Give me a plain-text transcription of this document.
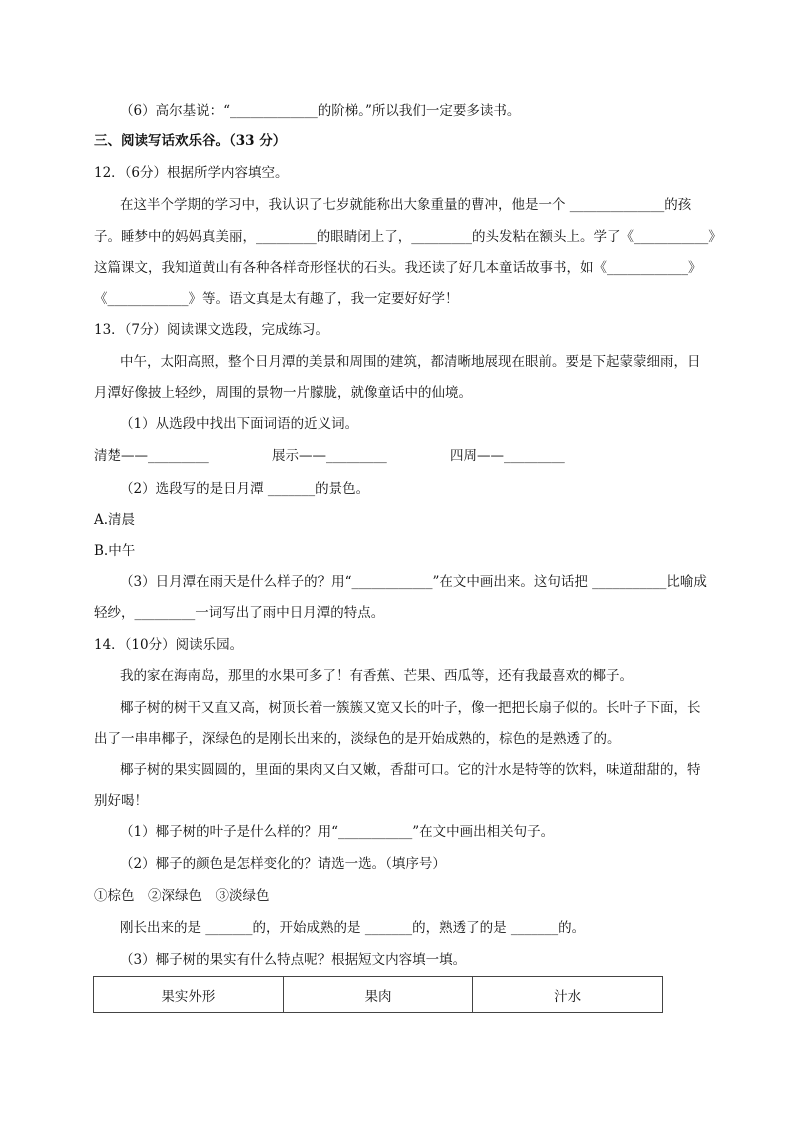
（6）高尔基说：“_____________的阶梯。”所以我们一定要多读书。
三、阅读写话欢乐谷。（33 分）
12．（6分）根据所学内容填空。
在这半个学期的学习中，我认识了七岁就能称出大象重量的曹冲，他是一个 ______________的孩
子。睡梦中的妈妈真美丽，_________的眼睛闭上了，_________的头发粘在额头上。学了《___________》
这篇课文，我知道黄山有各种各样奇形怪状的石头。我还读了好几本童话故事书，如《____________》
《____________》等。语文真是太有趣了，我一定要好好学！
13．（7分）阅读课文选段，完成练习。
中午，太阳高照，整个日月潭的美景和周围的建筑，都清晰地展现在眼前。要是下起蒙蒙细雨，日
月潭好像披上轻纱，周围的景物一片朦胧，就像童话中的仙境。
（1）从选段中找出下面词语的近义词。
清楚——_________	展示——_________	四周——_________
（2）选段写的是日月潭 _______的景色。
A.清晨
B.中午
（3）日月潭在雨天是什么样子的？用“____________”在文中画出来。这句话把 ___________比喻成
轻纱，_________一词写出了雨中日月潭的特点。
14．（10分）阅读乐园。
我的家在海南岛，那里的水果可多了！有香蕉、芒果、西瓜等，还有我最喜欢的椰子。
椰子树的树干又直又高，树顶长着一簇簇又宽又长的叶子，像一把把长扇子似的。长叶子下面，长
出了一串串椰子，深绿色的是刚长出来的，淡绿色的是开始成熟的，棕色的是熟透了的。
椰子树的果实圆圆的，里面的果肉又白又嫩，香甜可口。它的汁水是特等的饮料，味道甜甜的，特
别好喝！
（1）椰子树的叶子是什么样的？用“___________”在文中画出相关句子。
（2）椰子的颜色是怎样变化的？请选一选。（填序号）
①棕色　②深绿色　③淡绿色
刚长出来的是 _______的，开始成熟的是 _______的，熟透了的是 _______的。
（3）椰子树的果实有什么特点呢？根据短文内容填一填。
果实外形	果肉	汁水
